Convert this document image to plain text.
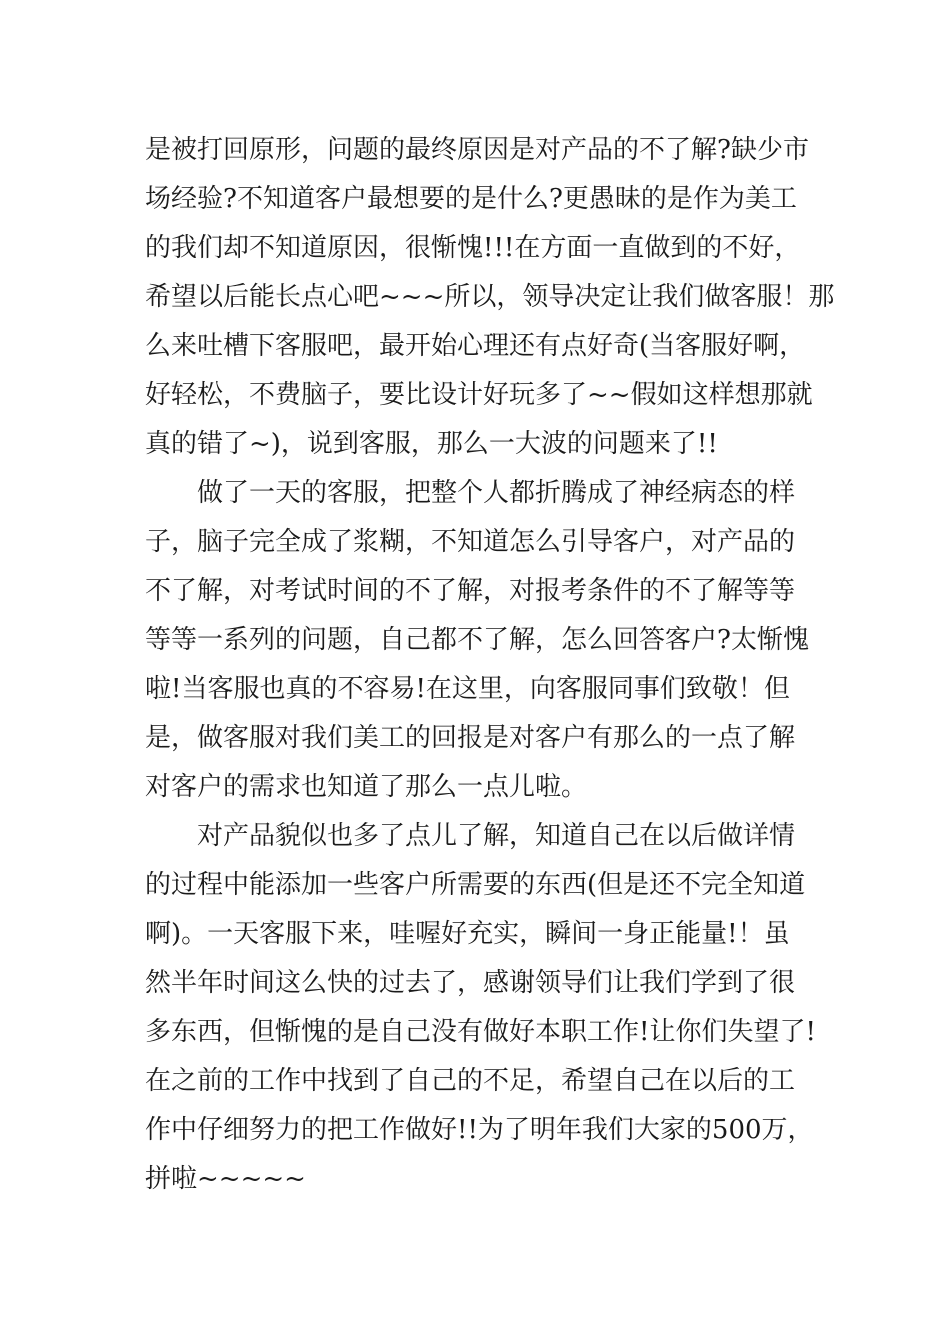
是被打回原形，问题的最终原因是对产品的不了解?缺少市
场经验?不知道客户最想要的是什么?更愚昧的是作为美工
的我们却不知道原因，很惭愧!!!在方面一直做到的不好，
希望以后能长点心吧~~~所以，领导决定让我们做客服！那
么来吐槽下客服吧，最开始心理还有点好奇(当客服好啊，
好轻松，不费脑子，要比设计好玩多了~~假如这样想那就
真的错了~)，说到客服，那么一大波的问题来了!!
做了一天的客服，把整个人都折腾成了神经病态的样
子，脑子完全成了浆糊，不知道怎么引导客户，对产品的
不了解，对考试时间的不了解，对报考条件的不了解等等
等等一系列的问题，自己都不了解，怎么回答客户?太惭愧
啦!当客服也真的不容易!在这里，向客服同事们致敬！但
是，做客服对我们美工的回报是对客户有那么的一点了解
对客户的需求也知道了那么一点儿啦。
对产品貌似也多了点儿了解，知道自己在以后做详情
的过程中能添加一些客户所需要的东西(但是还不完全知道
啊)。一天客服下来，哇喔好充实，瞬间一身正能量!！虽
然半年时间这么快的过去了，感谢领导们让我们学到了很
多东西，但惭愧的是自己没有做好本职工作!让你们失望了!
在之前的工作中找到了自己的不足，希望自己在以后的工
作中仔细努力的把工作做好!!为了明年我们大家的500万，
拼啦~~~~~
